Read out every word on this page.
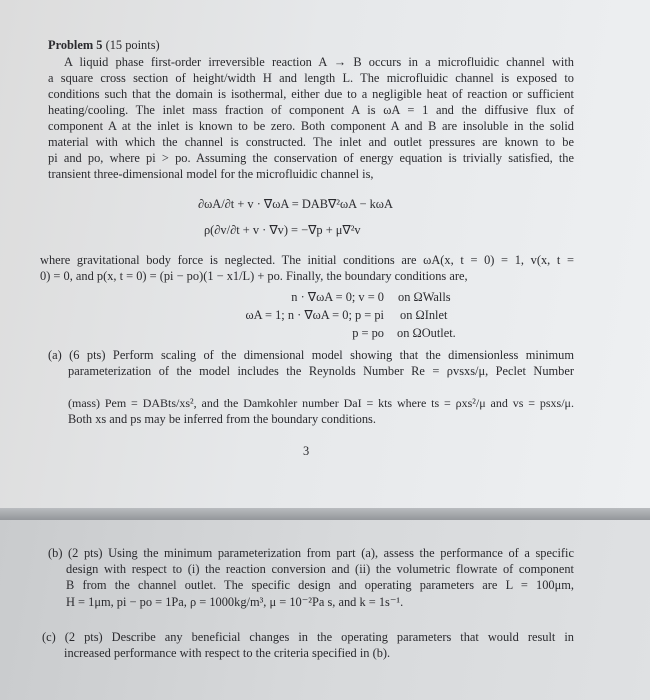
Problem 5 (15 points)
A liquid phase first-order irreversible reaction A → B occurs in a microfluidic channel with
a square cross section of height/width H and length L. The microfluidic channel is exposed to
conditions such that the domain is isothermal, either due to a negligible heat of reaction or sufficient
heating/cooling. The inlet mass fraction of component A is ωA = 1 and the diffusive flux of
component A at the inlet is known to be zero. Both component A and B are insoluble in the solid
material with which the channel is constructed. The inlet and outlet pressures are known to be
pi and po, where pi > po. Assuming the conservation of energy equation is trivially satisfied, the
transient three-dimensional model for the microfluidic channel is,
∂ωA/∂t + v · ∇ωA = DAB∇²ωA − kωA
ρ(∂v/∂t + v · ∇v) = −∇p + μ∇²v
where gravitational body force is neglected. The initial conditions are ωA(x, t = 0) = 1, v(x, t =
0) = 0, and p(x, t = 0) = (pi − po)(1 − x1/L) + po. Finally, the boundary conditions are,
n · ∇ωA = 0; v = 0 on ΩWalls
ωA = 1; n · ∇ωA = 0; p = pi on ΩInlet
p = po on ΩOutlet.
(a) (6 pts) Perform scaling of the dimensional model showing that the dimensionless minimum
parameterization of the model includes the Reynolds Number Re = ρvsxs/μ, Peclet Number
(mass) Pem = DABts/xs², and the Damkohler number DaI = kts where ts = ρxs²/μ and vs = psxs/μ.
Both xs and ps may be inferred from the boundary conditions.
3
(b) (2 pts) Using the minimum parameterization from part (a), assess the performance of a specific
design with respect to (i) the reaction conversion and (ii) the volumetric flowrate of component
B from the channel outlet. The specific design and operating parameters are L = 100μm,
H = 1μm, pi − po = 1Pa, ρ = 1000kg/m³, μ = 10⁻²Pa s, and k = 1s⁻¹.
(c) (2 pts) Describe any beneficial changes in the operating parameters that would result in
increased performance with respect to the criteria specified in (b).
